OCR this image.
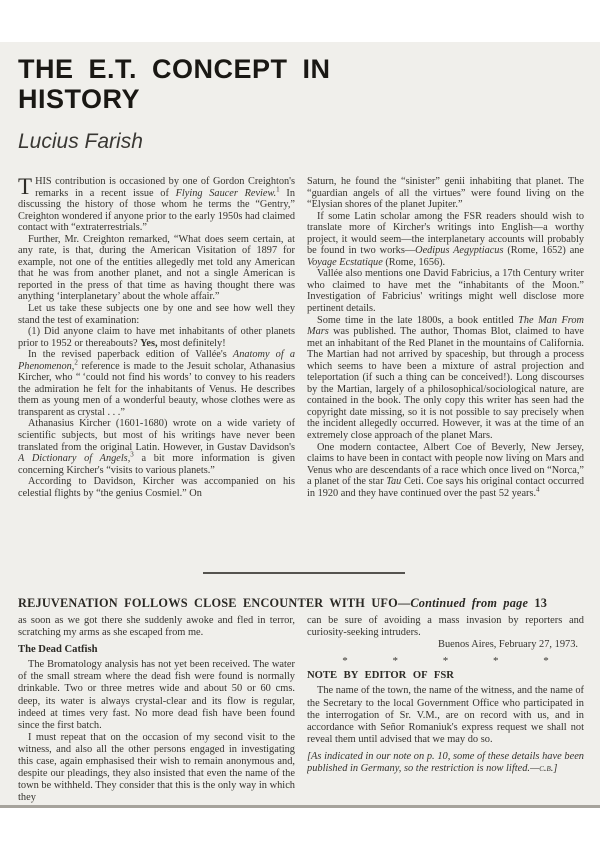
THE E.T. CONCEPT IN
HISTORY
Lucius Farish

THIS contribution is occasioned by one of Gordon Creighton's remarks in a recent issue of Flying Saucer Review.$^1$ In discussing the history of those whom he terms the “Gentry,” Creighton wondered if anyone prior to the early 1950s had claimed contact with “extraterrestrials.”

Further, Mr. Creighton remarked, “What does seem certain, at any rate, is that, during the American Visitation of 1897 for example, not one of the entities allegedly met told any American that he was from another planet, and not a single American is reported in the press of that time as having thought there was anything ‘interplanetary’ about the whole affair.”

Let us take these subjects one by one and see how well they stand the test of examination:

(1) Did anyone claim to have met inhabitants of other planets prior to 1952 or thereabouts? Yes, most definitely!

In the revised paperback edition of Vallée's Anatomy of a Phenomenon,$^2$ reference is made to the Jesuit scholar, Athanasius Kircher, who “ ‘could not find his words’ to convey to his readers the admiration he felt for the inhabitants of Venus. He describes them as young men of a wonderful beauty, whose clothes were as transparent as crystal . . .”

Athanasius Kircher (1601-1680) wrote on a wide variety of scientific subjects, but most of his writings have never been translated from the original Latin. However, in Gustav Davidson's A Dictionary of Angels,$^3$ a bit more information is given concerning Kircher's “visits to various planets.”

According to Davidson, Kircher was accompanied on his celestial flights by “the genius Cosmiel.” On

Saturn, he found the “sinister” genii inhabiting that planet. The “guardian angels of all the virtues” were found living on the “Elysian shores of the planet Jupiter.”

If some Latin scholar among the FSR readers should wish to translate more of Kircher's writings into English—a worthy project, it would seem—the interplanetary accounts will probably be found in two works—Oedipus Aegyptiacus (Rome, 1652) ane Voyage Ecstatique (Rome, 1656).

Vallée also mentions one David Fabricius, a 17th Century writer who claimed to have met the “inhabitants of the Moon.” Investigation of Fabricius' writings might well disclose more pertinent details.

Some time in the late 1800s, a book entitled The Man From Mars was published. The author, Thomas Blot, claimed to have met an inhabitant of the Red Planet in the mountains of California. The Martian had not arrived by spaceship, but through a process which seems to have been a mixture of astral projection and teleportation (if such a thing can be conceived!). Long discourses by the Martian, largely of a philosophical/sociological nature, are contained in the book. The only copy this writer has seen had the copyright date missing, so it is not possible to say precisely when the incident allegedly occurred. However, it was at the time of an extremely close approach of the planet Mars.

One modern contactee, Albert Coe of Beverly, New Jersey, claims to have been in contact with people now living on Mars and Venus who are descendants of a race which once lived on “Norca,” a planet of the star Tau Ceti. Coe says his original contact occurred in 1920 and they have continued over the past 52 years.$^4$

REJUVENATION FOLLOWS CLOSE ENCOUNTER WITH UFO—Continued from page 13

as soon as we got there she suddenly awoke and fled in terror, scratching my arms as she escaped from me.

The Dead Catfish

The Bromatology analysis has not yet been received. The water of the small stream where the dead fish were found is normally drinkable. Two or three metres wide and about 50 or 60 cms. deep, its water is always crystal-clear and its flow is regular, indeed at times very fast. No more dead fish have been found since the first batch.

I must repeat that on the occasion of my second visit to the witness, and also all the other persons engaged in investigating this case, again emphasised their wish to remain anonymous and, despite our pleadings, they also insisted that even the name of the town be withheld. They consider that this is the only way in which they

can be sure of avoiding a mass invasion by reporters and curiosity-seeking intruders.

Buenos Aires, February 27, 1973.

* * * * *
NOTE BY EDITOR OF FSR

The name of the town, the name of the witness, and the name of the Secretary to the local Government Office who participated in the interrogation of Sr. V.M., are on record with us, and in accordance with Señor Romaniuk's express request we shall not reveal them until advised that we may do so.

[As indicated in our note on p. 10, some of these details have been published in Germany, so the restriction is now lifted.—c.b.]
